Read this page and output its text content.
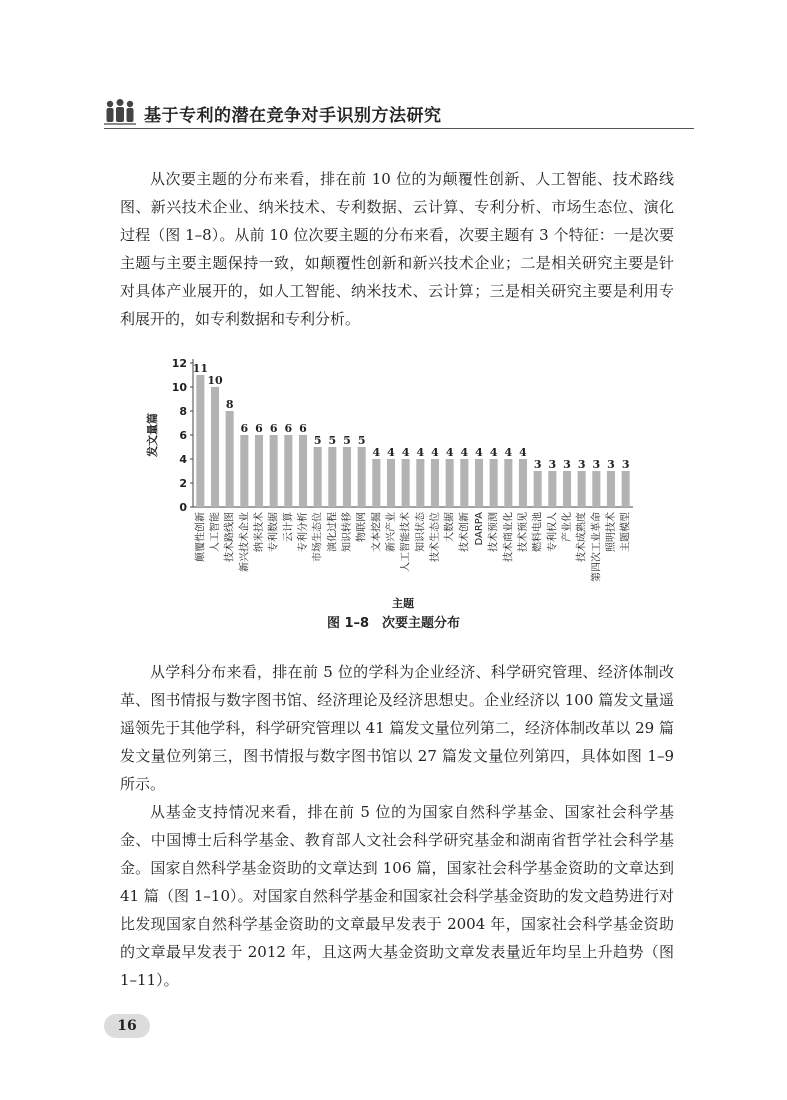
基于专利的潜在竞争对手识别方法研究

从次要主题的分布来看，排在前 10 位的为颠覆性创新、人工智能、技术路线图、新兴技术企业、纳米技术、专利数据、云计算、专利分析、市场生态位、演化过程（图 1–8）。从前 10 位次要主题的分布来看，次要主题有 3 个特征：一是次要主题与主要主题保持一致，如颠覆性创新和新兴技术企业；二是相关研究主要是针对具体产业展开的，如人工智能、纳米技术、云计算；三是相关研究主要是利用专利展开的，如专利数据和专利分析。

0
2
4
6
8
10
12
发文量篇
11
颠覆性创新
10
人工智能
8
技术路线图
6
新兴技术企业
6
纳米技术
6
专利数据
6
云计算
6
专利分析
5
市场生态位
5
演化过程
5
知识转移
5
物联网
4
文本挖掘
4
新兴产业
4
人工智能技术
4
知识状态
4
技术生态位
4
大数据
4
技术创新
4
DARPA
4
技术预测
4
技术商业化
4
技术预见
3
燃料电池
3
专利权人
3
产业化
3
技术成熟度
3
第四次工业革命
3
照明技术
3
主题模型
主题
图 1–8　次要主题分布

从学科分布来看，排在前 5 位的学科为企业经济、科学研究管理、经济体制改革、图书情报与数字图书馆、经济理论及经济思想史。企业经济以 100 篇发文量遥遥领先于其他学科，科学研究管理以 41 篇发文量位列第二，经济体制改革以 29 篇发文量位列第三，图书情报与数字图书馆以 27 篇发文量位列第四，具体如图 1–9 所示。

从基金支持情况来看，排在前 5 位的为国家自然科学基金、国家社会科学基金、中国博士后科学基金、教育部人文社会科学研究基金和湖南省哲学社会科学基金。国家自然科学基金资助的文章达到 106 篇，国家社会科学基金资助的文章达到 41 篇（图 1–10）。对国家自然科学基金和国家社会科学基金资助的发文趋势进行对比发现国家自然科学基金资助的文章最早发表于 2004 年，国家社会科学基金资助的文章最早发表于 2012 年，且这两大基金资助文章发表量近年均呈上升趋势（图 1–11）。

16
